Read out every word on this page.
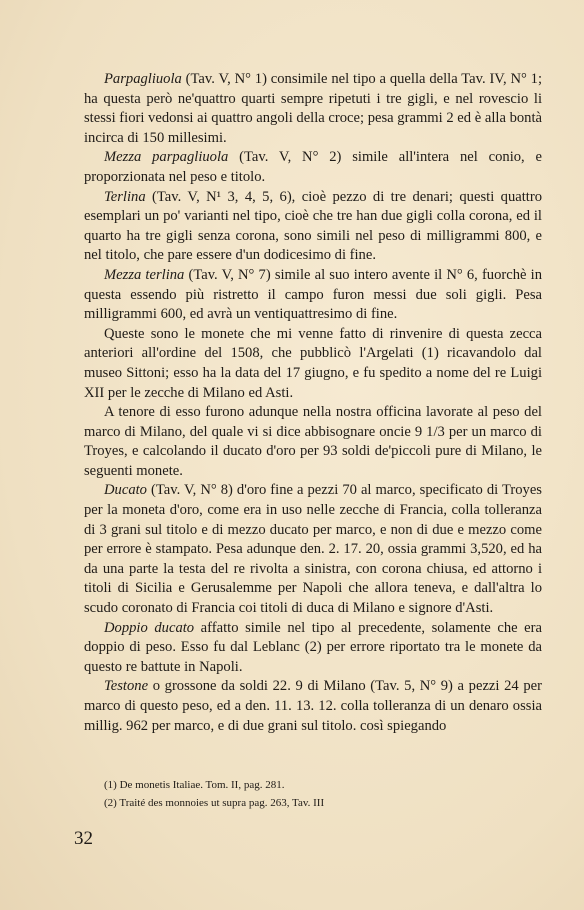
Parpagliuola (Tav. V, N° 1) consimile nel tipo a quella della Tav. IV, N° 1; ha questa però ne'quattro quarti sempre ripetuti i tre gigli, e nel rovescio li stessi fiori vedonsi ai quattro angoli della croce; pesa grammi 2 ed è alla bontà incirca di 150 millesimi.

Mezza parpagliuola (Tav. V, N° 2) simile all'intera nel conio, e proporzionata nel peso e titolo.

Terlina (Tav. V, N¹ 3, 4, 5, 6), cioè pezzo di tre denari; questi quattro esemplari un po' varianti nel tipo, cioè che tre han due gigli colla corona, ed il quarto ha tre gigli senza corona, sono simili nel peso di milligrammi 800, e nel titolo, che pare essere d'un dodicesimo di fine.

Mezza terlina (Tav. V, N° 7) simile al suo intero avente il N° 6, fuorchè in questa essendo più ristretto il campo furon messi due soli gigli. Pesa milligrammi 600, ed avrà un ventiquattresimo di fine.

Queste sono le monete che mi venne fatto di rinvenire di questa zecca anteriori all'ordine del 1508, che pubblicò l'Argelati (1) ricavandolo dal museo Sittoni; esso ha la data del 17 giugno, e fu spedito a nome del re Luigi XII per le zecche di Milano ed Asti.

A tenore di esso furono adunque nella nostra officina lavorate al peso del marco di Milano, del quale vi si dice abbisognare oncie 9 1/3 per un marco di Troyes, e calcolando il ducato d'oro per 93 soldi de'piccoli pure di Milano, le seguenti monete.

Ducato (Tav. V, N° 8) d'oro fine a pezzi 70 al marco, specificato di Troyes per la moneta d'oro, come era in uso nelle zecche di Francia, colla tolleranza di 3 grani sul titolo e di mezzo ducato per marco, e non di due e mezzo come per errore è stampato. Pesa adunque den. 2. 17. 20, ossia grammi 3,520, ed ha da una parte la testa del re rivolta a sinistra, con corona chiusa, ed attorno i titoli di Sicilia e Gerusalemme per Napoli che allora teneva, e dall'altra lo scudo coronato di Francia coi titoli di duca di Milano e signore d'Asti.

Doppio ducato affatto simile nel tipo al precedente, solamente che era doppio di peso. Esso fu dal Leblanc (2) per errore riportato tra le monete da questo re battute in Napoli.

Testone o grossone da soldi 22. 9 di Milano (Tav. 5, N° 9) a pezzi 24 per marco di questo peso, ed a den. 11. 13. 12. colla tolleranza di un denaro ossia millig. 962 per marco, e di due grani sul titolo. così spiegando

(1) De monetis Italiae. Tom. II, pag. 281.

(2) Traité des monnoies ut supra pag. 263, Tav. III

32
